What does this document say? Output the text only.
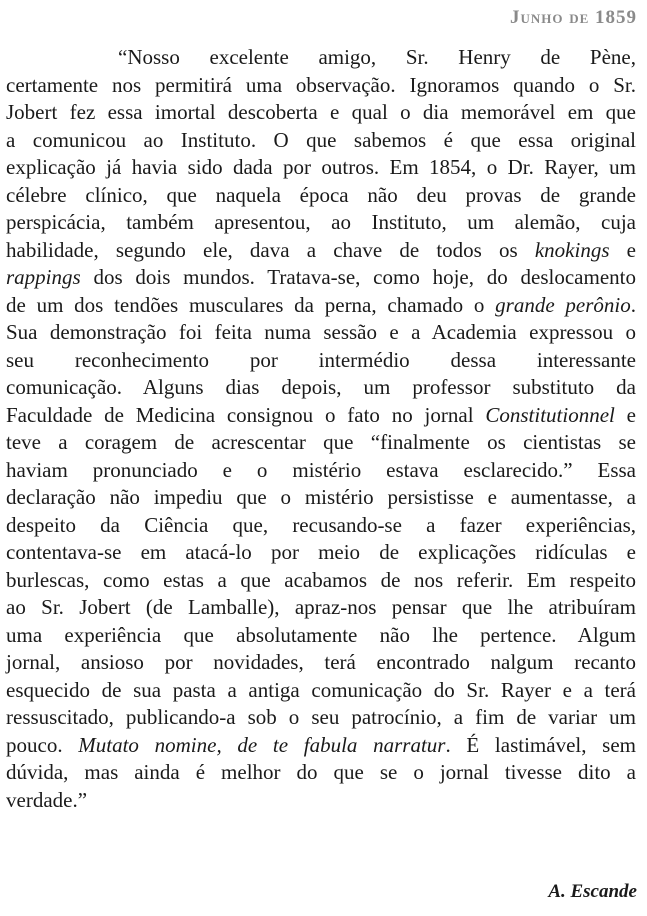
Junho de 1859
“Nosso excelente amigo, Sr. Henry de Pène,
certamente nos permitirá uma observação. Ignoramos quando o Sr.
Jobert fez essa imortal descoberta e qual o dia memorável em que
a comunicou ao Instituto. O que sabemos é que essa original
explicação já havia sido dada por outros. Em 1854, o Dr. Rayer, um
célebre clínico, que naquela época não deu provas de grande
perspicácia, também apresentou, ao Instituto, um alemão, cuja
habilidade, segundo ele, dava a chave de todos os knokings e
rappings dos dois mundos. Tratava-se, como hoje, do deslocamento
de um dos tendões musculares da perna, chamado o grande perônio.
Sua demonstração foi feita numa sessão e a Academia expressou o
seu reconhecimento por intermédio dessa interessante
comunicação. Alguns dias depois, um professor substituto da
Faculdade de Medicina consignou o fato no jornal Constitutionnel e
teve a coragem de acrescentar que “finalmente os cientistas se
haviam pronunciado e o mistério estava esclarecido.” Essa
declaração não impediu que o mistério persistisse e aumentasse, a
despeito da Ciência que, recusando-se a fazer experiências,
contentava-se em atacá-lo por meio de explicações ridículas e
burlescas, como estas a que acabamos de nos referir. Em respeito
ao Sr. Jobert (de Lamballe), apraz-nos pensar que lhe atribuíram
uma experiência que absolutamente não lhe pertence. Algum
jornal, ansioso por novidades, terá encontrado nalgum recanto
esquecido de sua pasta a antiga comunicação do Sr. Rayer e a terá
ressuscitado, publicando-a sob o seu patrocínio, a fim de variar um
pouco. Mutato nomine, de te fabula narratur. É lastimável, sem
dúvida, mas ainda é melhor do que se o jornal tivesse dito a
verdade.”
A. Escande
